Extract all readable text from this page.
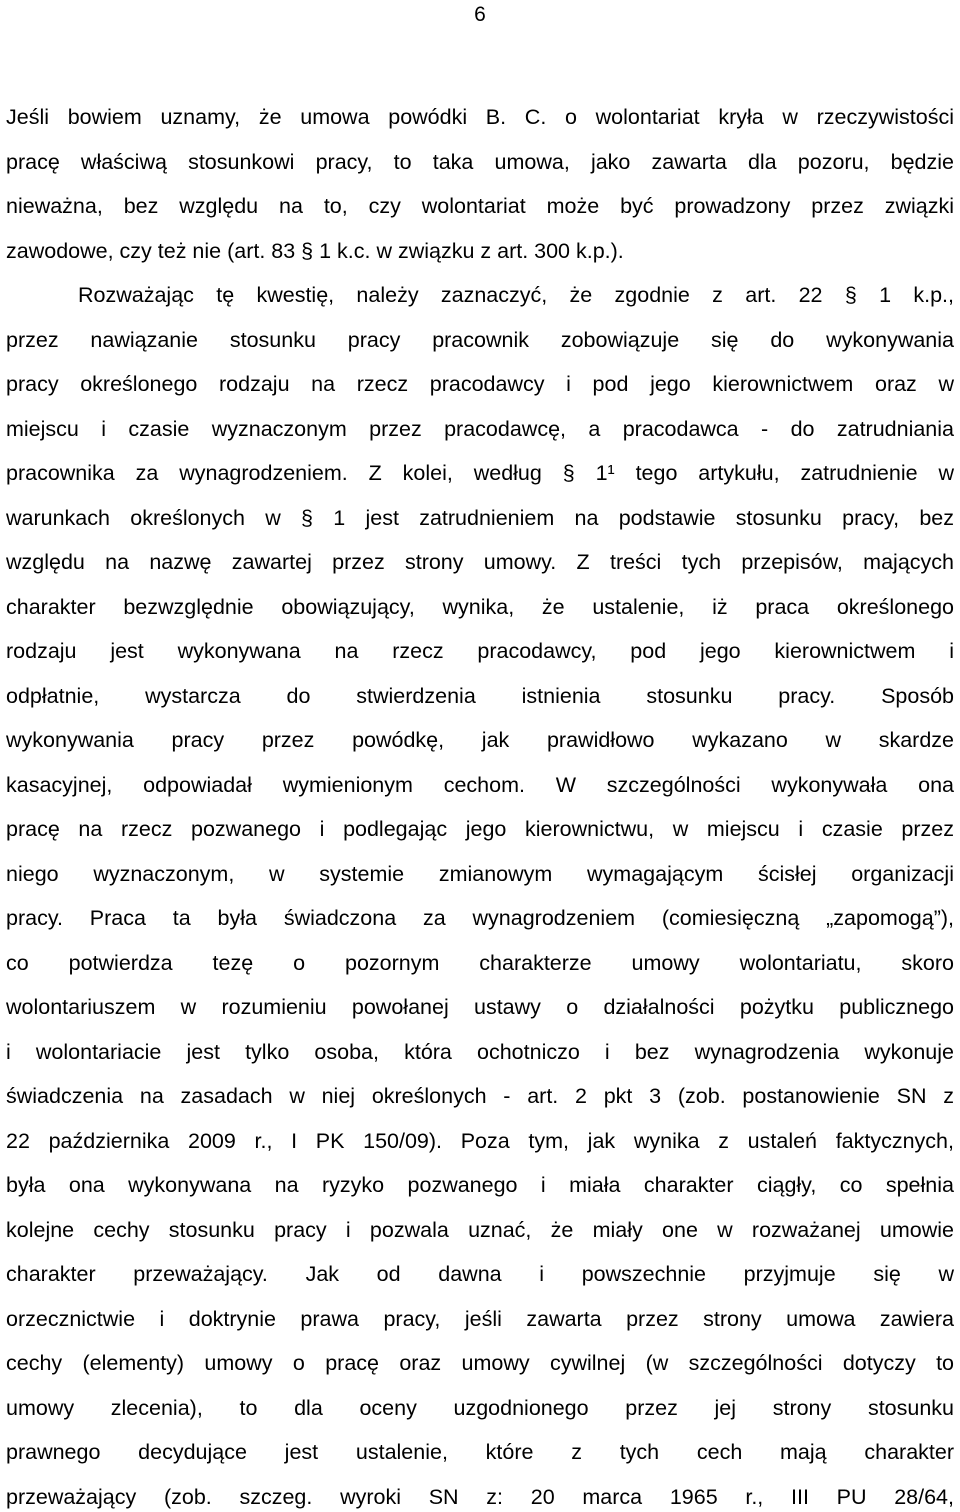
6

Jeśli bowiem uznamy, że umowa powódki B. C. o wolontariat kryła w rzeczywistości

pracę właściwą stosunkowi pracy, to taka umowa, jako zawarta dla pozoru, będzie

nieważna, bez względu na to, czy wolontariat może być prowadzony przez związki

zawodowe, czy też nie (art. 83 § 1 k.c. w związku z art. 300 k.p.).

Rozważając tę kwestię, należy zaznaczyć, że zgodnie z art. 22 § 1 k.p.,

przez nawiązanie stosunku pracy pracownik zobowiązuje się do wykonywania

pracy określonego rodzaju na rzecz pracodawcy i pod jego kierownictwem oraz w

miejscu i czasie wyznaczonym przez pracodawcę, a pracodawca - do zatrudniania

pracownika za wynagrodzeniem. Z kolei, według § 1¹ tego artykułu, zatrudnienie w

warunkach określonych w § 1 jest zatrudnieniem na podstawie stosunku pracy, bez

względu na nazwę zawartej przez strony umowy. Z treści tych przepisów, mających

charakter bezwzględnie obowiązujący, wynika, że ustalenie, iż praca określonego

rodzaju jest wykonywana na rzecz pracodawcy, pod jego kierownictwem i

odpłatnie, wystarcza do stwierdzenia istnienia stosunku pracy. Sposób

wykonywania pracy przez powódkę, jak prawidłowo wykazano w skardze

kasacyjnej, odpowiadał wymienionym cechom. W szczególności wykonywała ona

pracę na rzecz pozwanego i podlegając jego kierownictwu, w miejscu i czasie przez

niego wyznaczonym, w systemie zmianowym wymagającym ścisłej organizacji

pracy. Praca ta była świadczona za wynagrodzeniem (comiesięczną „zapomogą”),

co potwierdza tezę o pozornym charakterze umowy wolontariatu, skoro

wolontariuszem w rozumieniu powołanej ustawy o działalności pożytku publicznego

i wolontariacie jest tylko osoba, która ochotniczo i bez wynagrodzenia wykonuje

świadczenia na zasadach w niej określonych - art. 2 pkt 3 (zob. postanowienie SN z

22 października 2009 r., I PK 150/09). Poza tym, jak wynika z ustaleń faktycznych,

była ona wykonywana na ryzyko pozwanego i miała charakter ciągły, co spełnia

kolejne cechy stosunku pracy i pozwala uznać, że miały one w rozważanej umowie

charakter przeważający. Jak od dawna i powszechnie przyjmuje się w

orzecznictwie i doktrynie prawa pracy, jeśli zawarta przez strony umowa zawiera

cechy (elementy) umowy o pracę oraz umowy cywilnej (w szczególności dotyczy to

umowy zlecenia), to dla oceny uzgodnionego przez jej strony stosunku

prawnego decydujące jest ustalenie, które z tych cech mają charakter

przeważający (zob. szczeg. wyroki SN z: 20 marca 1965 r., III PU 28/64,
